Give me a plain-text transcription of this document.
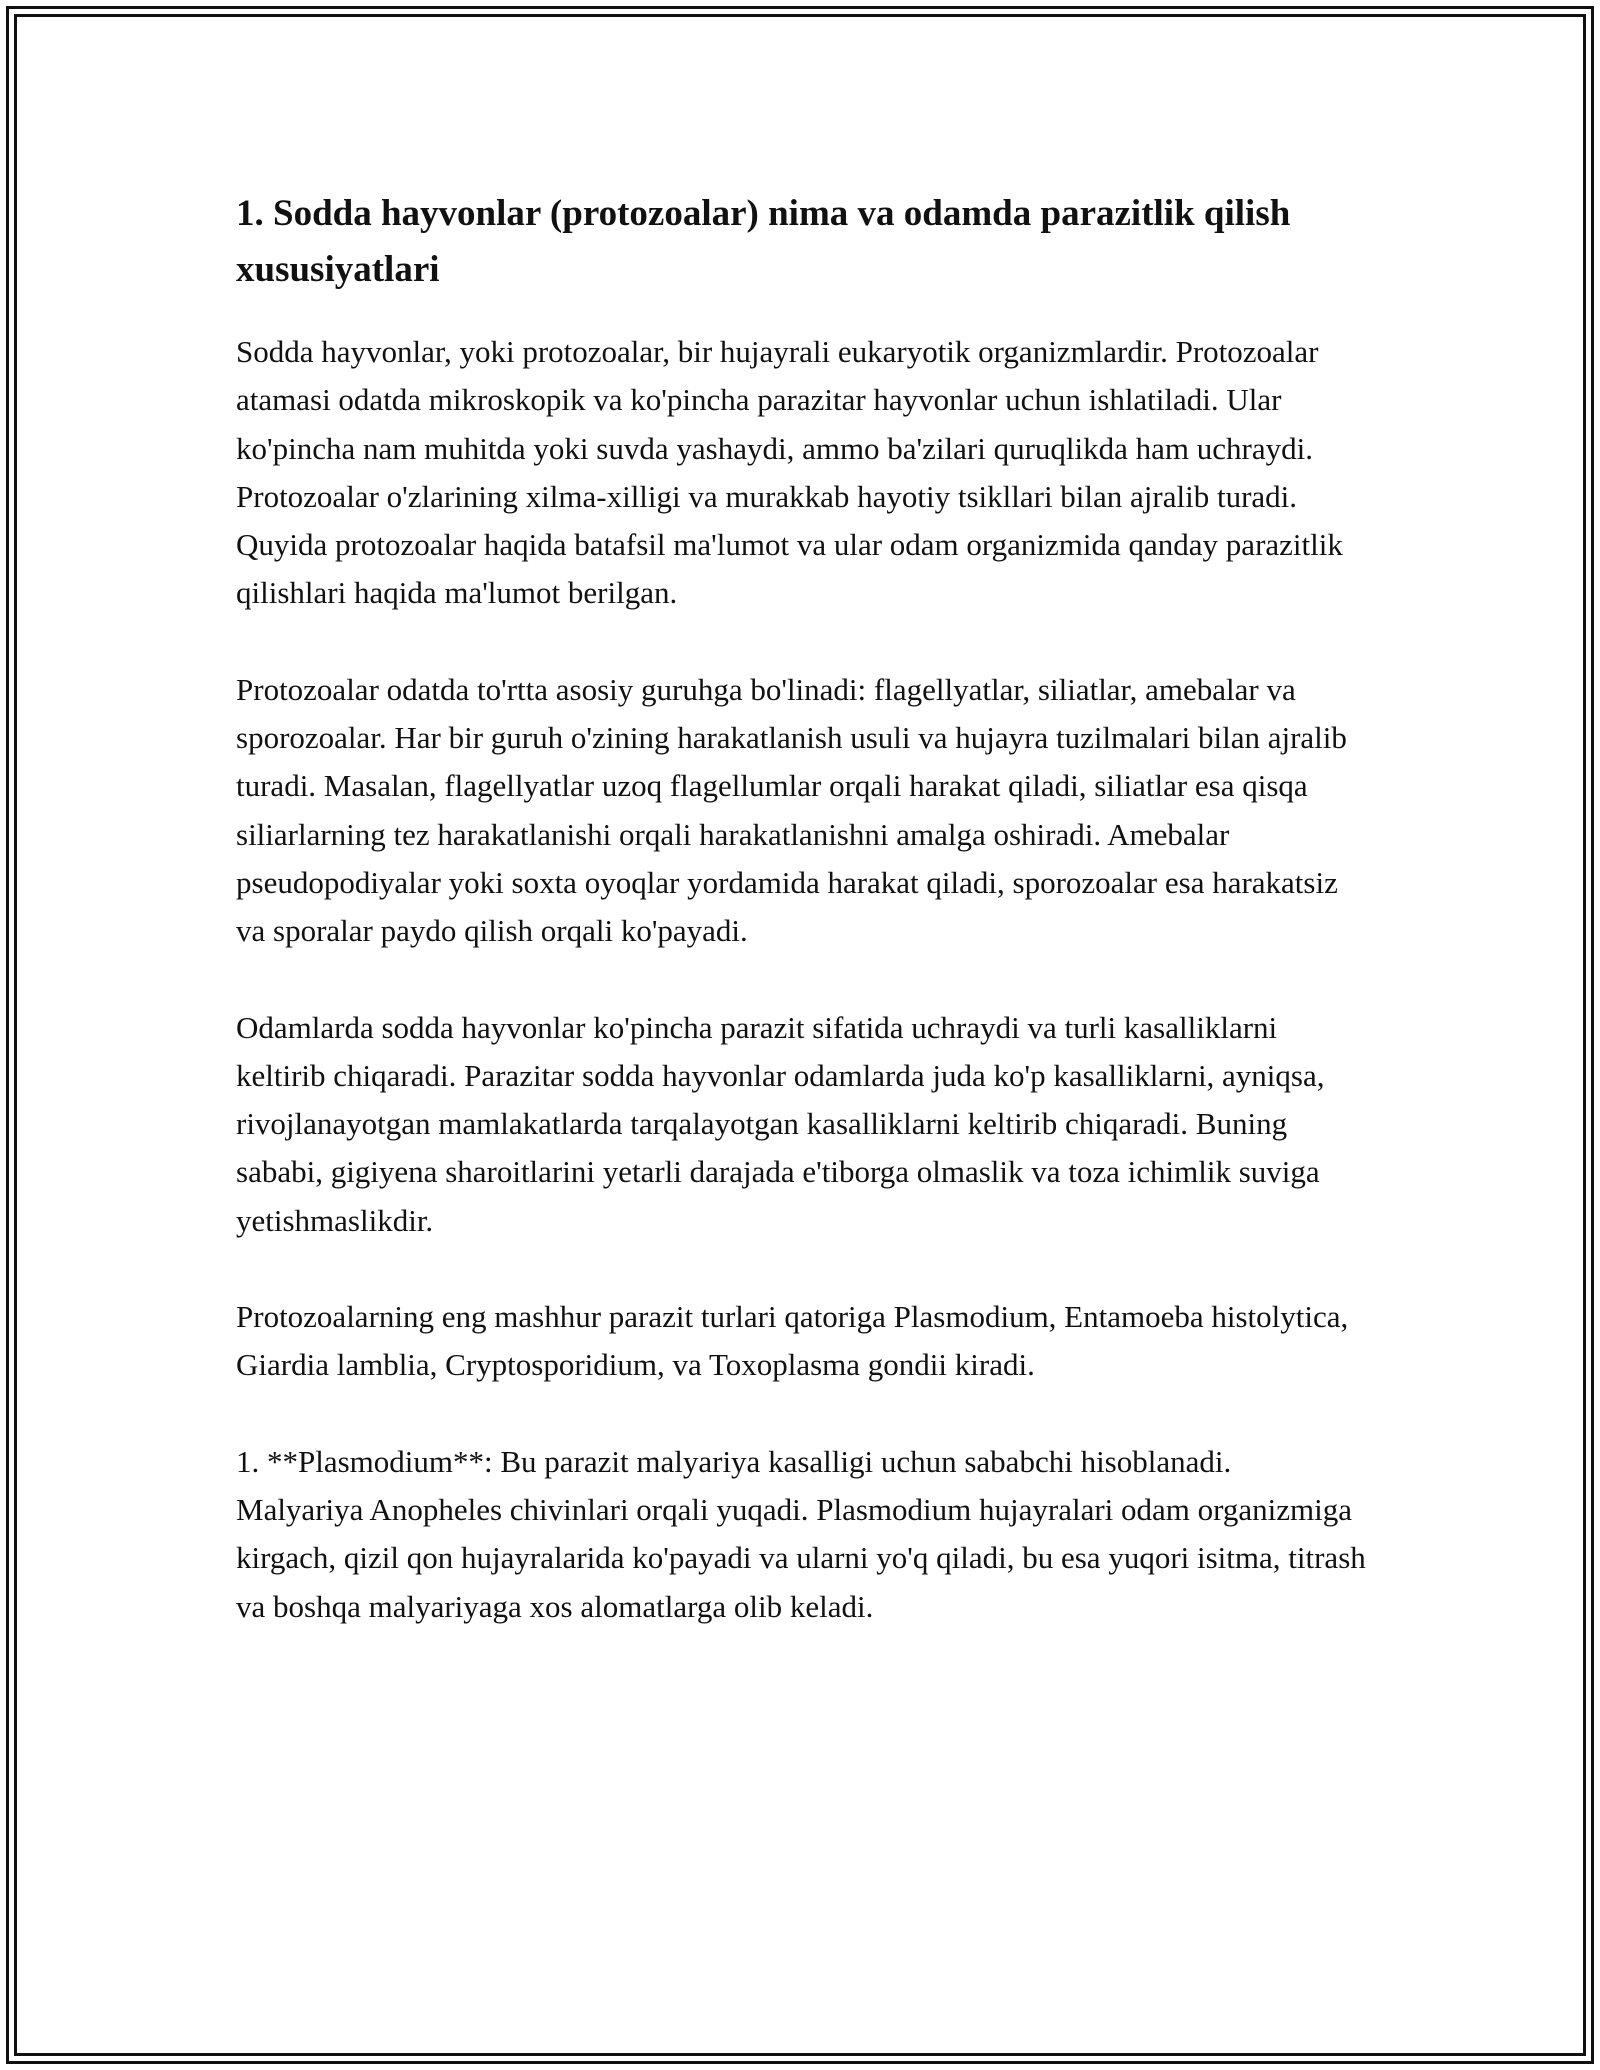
1. Sodda hayvonlar (protozoalar) nima va odamda parazitlik qilish xususiyatlari

Sodda hayvonlar, yoki protozoalar, bir hujayrali eukaryotik organizmlardir. Protozoalar atamasi odatda mikroskopik va ko'pincha parazitar hayvonlar uchun ishlatiladi. Ular ko'pincha nam muhitda yoki suvda yashaydi, ammo ba'zilari quruqlikda ham uchraydi. Protozoalar o'zlarining xilma-xilligi va murakkab hayotiy tsikllari bilan ajralib turadi. Quyida protozoalar haqida batafsil ma'lumot va ular odam organizmida qanday parazitlik qilishlari haqida ma'lumot berilgan.

Protozoalar odatda to'rtta asosiy guruhga bo'linadi: flagellyatlar, siliatlar, amebalar va sporozoalar. Har bir guruh o'zining harakatlanish usuli va hujayra tuzilmalari bilan ajralib turadi. Masalan, flagellyatlar uzoq flagellumlar orqali harakat qiladi, siliatlar esa qisqa siliarlarning tez harakatlanishi orqali harakatlanishni amalga oshiradi. Amebalar pseudopodiyalar yoki soxta oyoqlar yordamida harakat qiladi, sporozoalar esa harakatsiz va sporalar paydo qilish orqali ko'payadi.

Odamlarda sodda hayvonlar ko'pincha parazit sifatida uchraydi va turli kasalliklarni keltirib chiqaradi. Parazitar sodda hayvonlar odamlarda juda ko'p kasalliklarni, ayniqsa, rivojlanayotgan mamlakatlarda tarqalayotgan kasalliklarni keltirib chiqaradi. Buning sababi, gigiyena sharoitlarini yetarli darajada e'tiborga olmaslik va toza ichimlik suviga yetishmaslikdir.

Protozoalarning eng mashhur parazit turlari qatoriga Plasmodium, Entamoeba histolytica, Giardia lamblia, Cryptosporidium, va Toxoplasma gondii kiradi.

1. **Plasmodium**: Bu parazit malyariya kasalligi uchun sababchi hisoblanadi. Malyariya Anopheles chivinlari orqali yuqadi. Plasmodium hujayralari odam organizmiga kirgach, qizil qon hujayralarida ko'payadi va ularni yo'q qiladi, bu esa yuqori isitma, titrash va boshqa malyariyaga xos alomatlarga olib keladi.
